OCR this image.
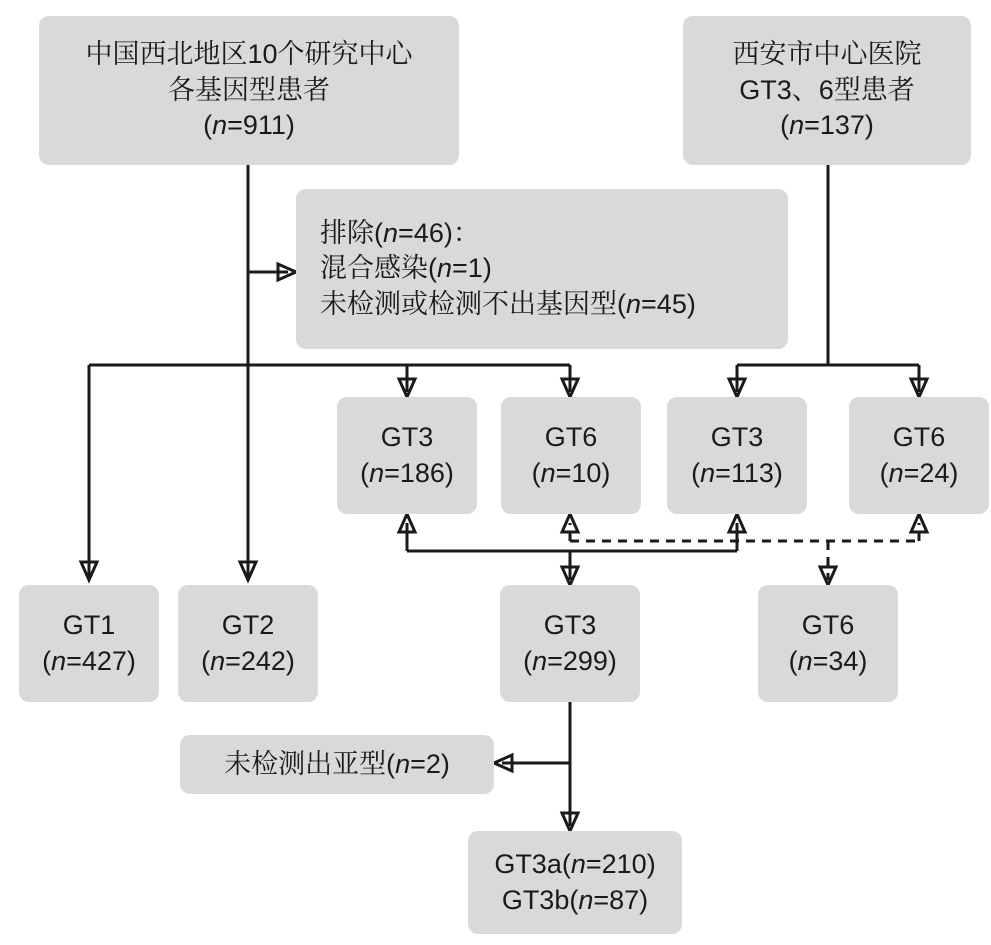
中国西北地区10个研究中心
各基因型患者
(n=911)
西安市中心医院
GT3、6型患者
(n=137)
排除(n=46)：
混合感染(n=1)
未检测或检测不出基因型(n=45)
GT3
(n=186)
GT6
(n=10)
GT3
(n=113)
GT6
(n=24)
GT1
(n=427)
GT2
(n=242)
GT3
(n=299)
GT6
(n=34)
未检测出亚型(n=2)
GT3a(n=210)
GT3b(n=87)
